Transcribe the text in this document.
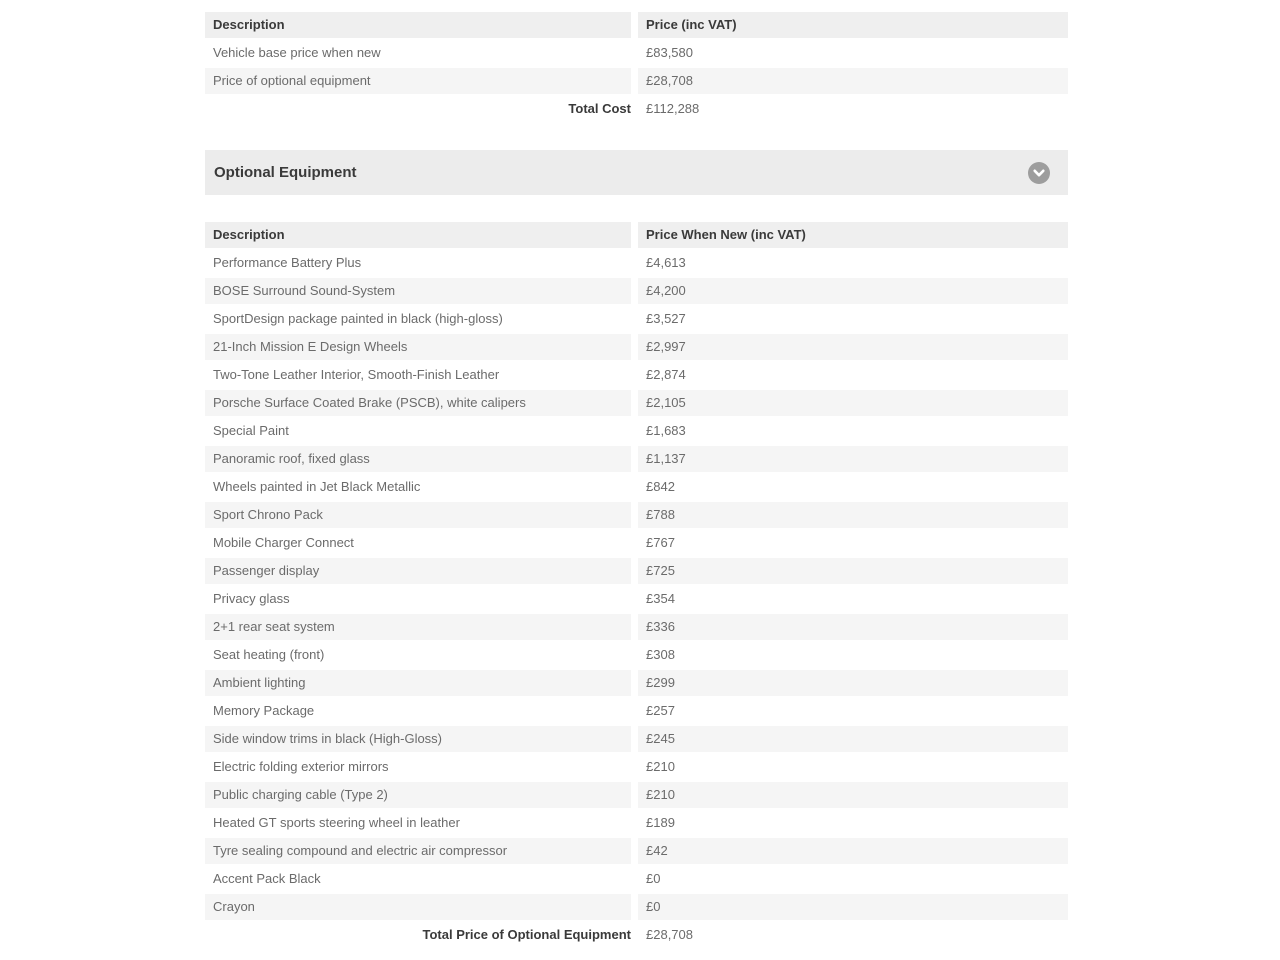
Description	Price (inc VAT)
Vehicle base price when new	£83,580
Price of optional equipment	£28,708
Total Cost	£112,288
Optional Equipment
Description	Price When New (inc VAT)
Performance Battery Plus	£4,613
BOSE Surround Sound-System	£4,200
SportDesign package painted in black (high-gloss)	£3,527
21-Inch Mission E Design Wheels	£2,997
Two-Tone Leather Interior, Smooth-Finish Leather	£2,874
Porsche Surface Coated Brake (PSCB), white calipers	£2,105
Special Paint	£1,683
Panoramic roof, fixed glass	£1,137
Wheels painted in Jet Black Metallic	£842
Sport Chrono Pack	£788
Mobile Charger Connect	£767
Passenger display	£725
Privacy glass	£354
2+1 rear seat system	£336
Seat heating (front)	£308
Ambient lighting	£299
Memory Package	£257
Side window trims in black (High-Gloss)	£245
Electric folding exterior mirrors	£210
Public charging cable (Type 2)	£210
Heated GT sports steering wheel in leather	£189
Tyre sealing compound and electric air compressor	£42
Accent Pack Black	£0
Crayon	£0
Total Price of Optional Equipment	£28,708
